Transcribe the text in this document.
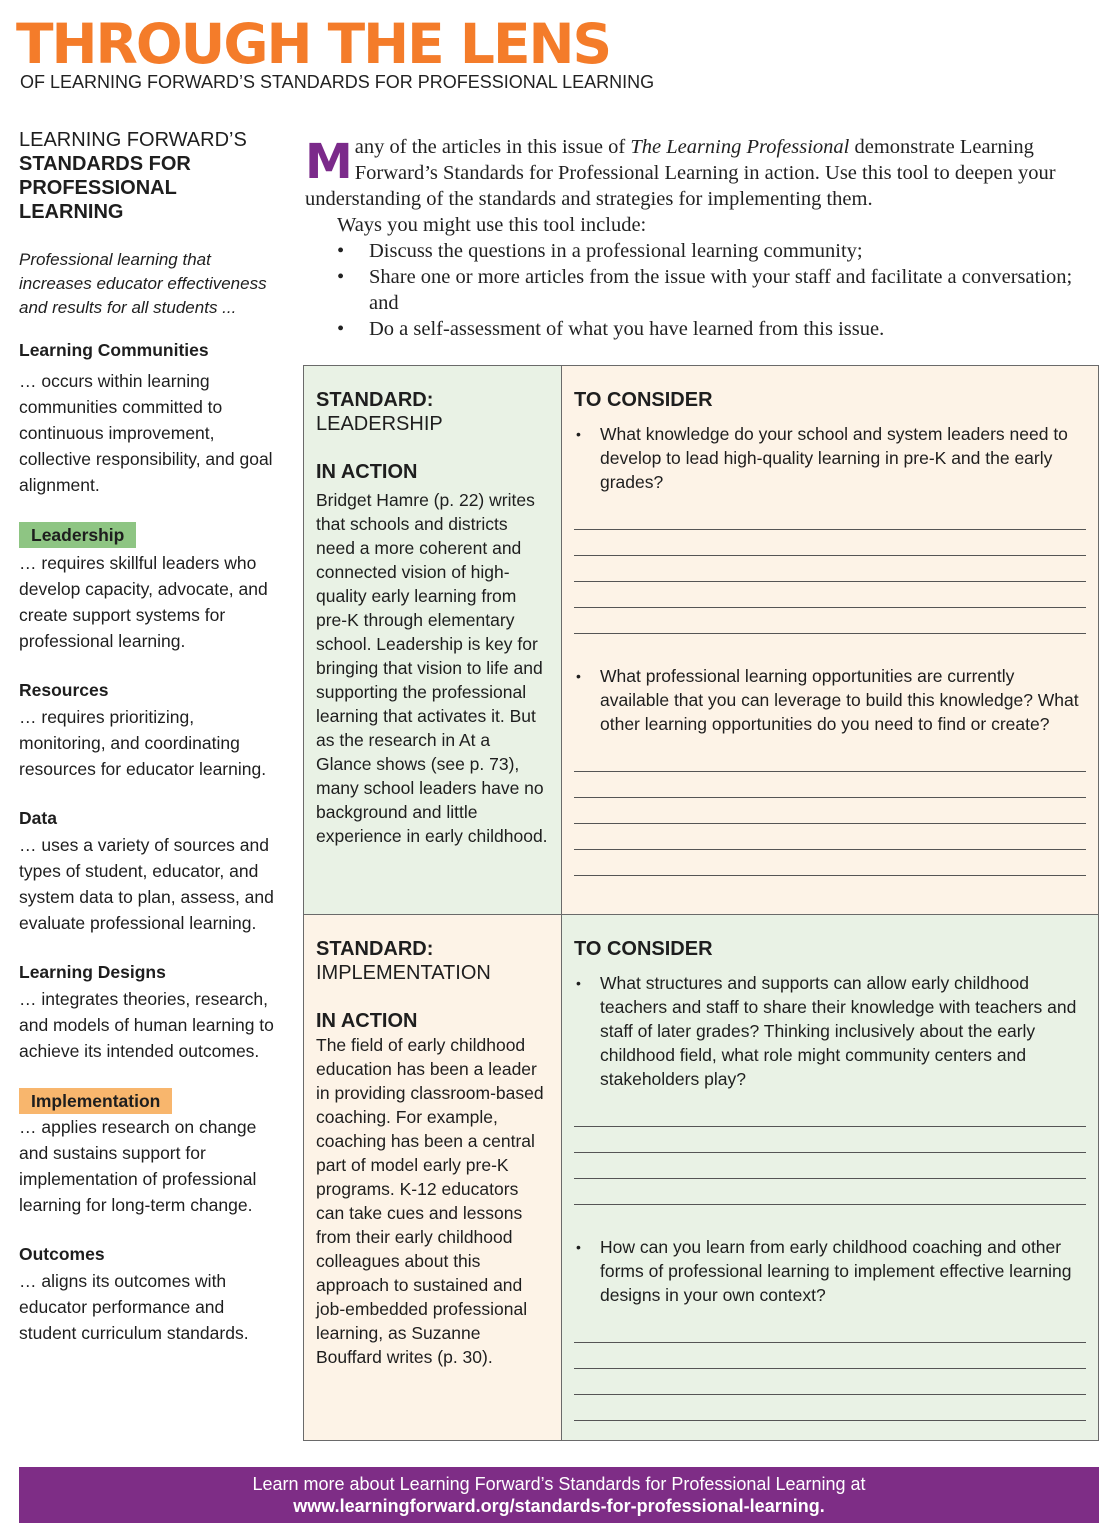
THROUGH THE LENS
OF LEARNING FORWARD’S STANDARDS FOR PROFESSIONAL LEARNING
LEARNING FORWARD’S
STANDARDS FOR PROFESSIONAL LEARNING
Professional learning that increases educator effectiveness and results for all students ...
Learning Communities
… occurs within learning communities committed to continuous improvement, collective responsibility, and goal alignment.
Leadership
… requires skillful leaders who develop capacity, advocate, and create support systems for professional learning.
Resources
… requires prioritizing, monitoring, and coordinating resources for educator learning.
Data
… uses a variety of sources and types of student, educator, and system data to plan, assess, and evaluate professional learning.
Learning Designs
… integrates theories, research, and models of human learning to achieve its intended outcomes.
Implementation
… applies research on change and sustains support for implementation of professional learning for long-term change.
Outcomes
… aligns its outcomes with educator performance and student curriculum standards.

Many of the articles in this issue of The Learning Professional demonstrate Learning Forward’s Standards for Professional Learning in action. Use this tool to deepen your understanding of the standards and strategies for implementing them.

Ways you might use this tool include:

• Discuss the questions in a professional learning community;
• Share one or more articles from the issue with your staff and facilitate a conversation; and
• Do a self-assessment of what you have learned from this issue.
STANDARD:
LEADERSHIP
IN ACTION
Bridget Hamre (p. 22) writes that schools and districts need a more coherent and connected vision of high-quality early learning from pre-K through elementary school. Leadership is key for bringing that vision to life and supporting the professional learning that activates it. But as the research in At a Glance shows (see p. 73), many school leaders have no background and little experience in early childhood.
TO CONSIDER
• What knowledge do your school and system leaders need to develop to lead high-quality learning in pre-K and the early grades?
• What professional learning opportunities are currently available that you can leverage to build this knowledge? What other learning opportunities do you need to find or create?
STANDARD:
IMPLEMENTATION
IN ACTION
The field of early childhood education has been a leader in providing classroom-based coaching. For example, coaching has been a central part of model early pre-K programs. K-12 educators can take cues and lessons from their early childhood colleagues about this approach to sustained and job-embedded professional learning, as Suzanne Bouffard writes (p. 30).
TO CONSIDER
• What structures and supports can allow early childhood teachers and staff to share their knowledge with teachers and staff of later grades? Thinking inclusively about the early childhood field, what role might community centers and stakeholders play?
• How can you learn from early childhood coaching and other forms of professional learning to implement effective learning designs in your own context?
Learn more about Learning Forward’s Standards for Professional Learning at
www.learningforward.org/standards-for-professional-learning.
